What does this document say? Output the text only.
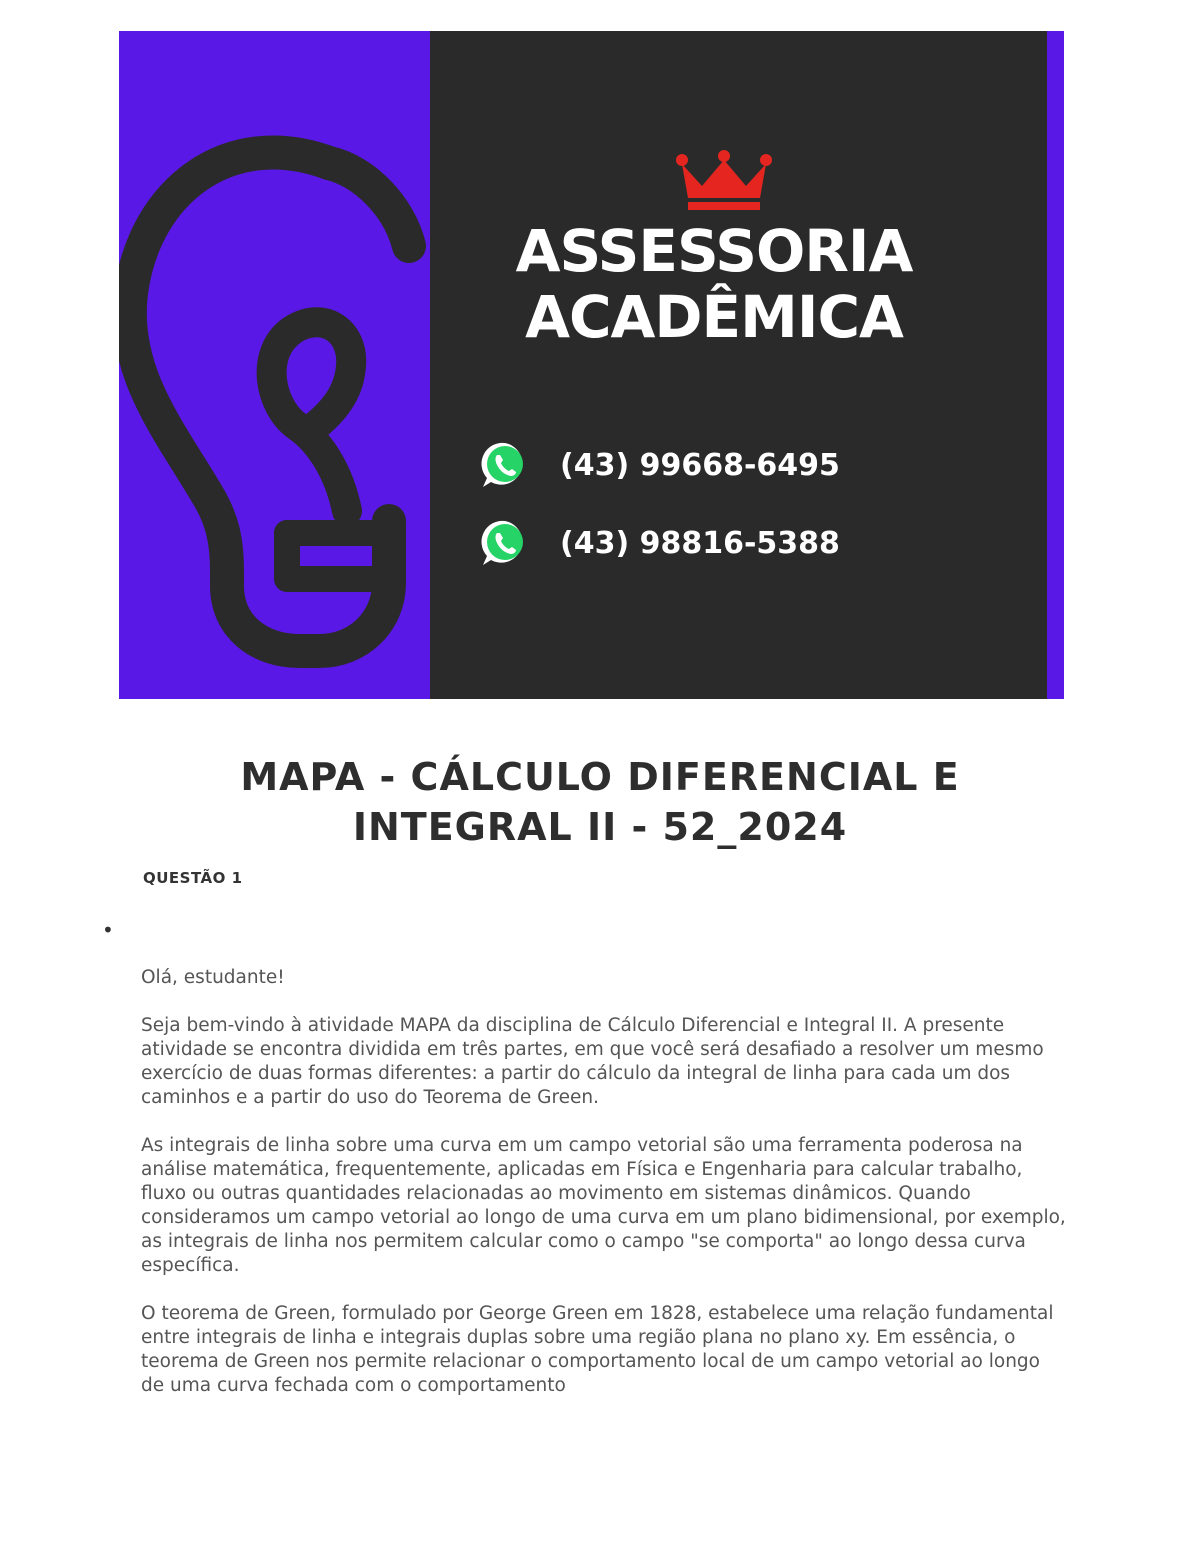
ASSESSORIA
ACADÊMICA
(43) 99668-6495
(43) 98816-5388
MAPA - CÁLCULO DIFERENCIAL E
INTEGRAL II - 52_2024
QUESTÃO 1
•

Olá, estudante!

Seja bem-vindo à atividade MAPA da disciplina de Cálculo Diferencial e Integral II. A presente atividade se encontra dividida em três partes, em que você será desafiado a resolver um mesmo exercício de duas formas diferentes: a partir do cálculo da integral de linha para cada um dos caminhos e a partir do uso do Teorema de Green.

As integrais de linha sobre uma curva em um campo vetorial são uma ferramenta poderosa na análise matemática, frequentemente, aplicadas em Física e Engenharia para calcular trabalho, fluxo ou outras quantidades relacionadas ao movimento em sistemas dinâmicos. Quando consideramos um campo vetorial ao longo de uma curva em um plano bidimensional, por exemplo, as integrais de linha nos permitem calcular como o campo "se comporta" ao longo dessa curva específica.

O teorema de Green, formulado por George Green em 1828, estabelece uma relação fundamental entre integrais de linha e integrais duplas sobre uma região plana no plano xy. Em essência, o teorema de Green nos permite relacionar o comportamento local de um campo vetorial ao longo de uma curva fechada com o comportamento
